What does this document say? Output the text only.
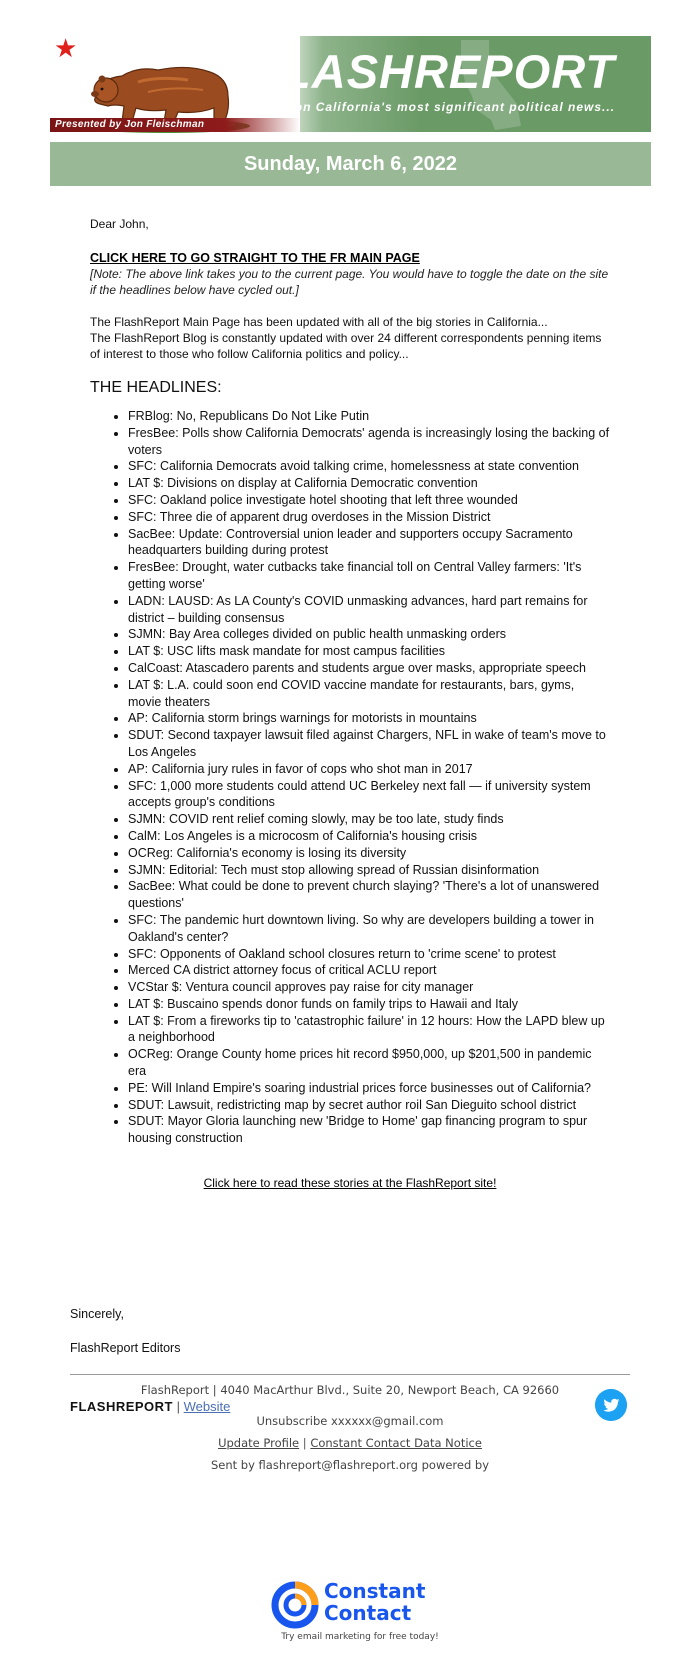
★
Presented by Jon Fleischman
FLASHREPORT
...on California's most significant political news...
Sunday, March 6, 2022

Dear John,

CLICK HERE TO GO STRAIGHT TO THE FR MAIN PAGE

[Note: The above link takes you to the current page. You would have to toggle the date on the site if the headlines below have cycled out.]

The FlashReport Main Page has been updated with all of the big stories in California...
The FlashReport Blog is constantly updated with over 24 different correspondents penning items of interest to those who follow California politics and policy...

THE HEADLINES:
• FRBlog: No, Republicans Do Not Like Putin
• FresBee: Polls show California Democrats' agenda is increasingly losing the backing of voters
• SFC: California Democrats avoid talking crime, homelessness at state convention
• LAT $: Divisions on display at California Democratic convention
• SFC: Oakland police investigate hotel shooting that left three wounded
• SFC: Three die of apparent drug overdoses in the Mission District
• SacBee: Update: Controversial union leader and supporters occupy Sacramento headquarters building during protest
• FresBee: Drought, water cutbacks take financial toll on Central Valley farmers: 'It's getting worse'
• LADN: LAUSD: As LA County's COVID unmasking advances, hard part remains for district – building consensus
• SJMN: Bay Area colleges divided on public health unmasking orders
• LAT $: USC lifts mask mandate for most campus facilities
• CalCoast: Atascadero parents and students argue over masks, appropriate speech
• LAT $: L.A. could soon end COVID vaccine mandate for restaurants, bars, gyms, movie theaters
• AP: California storm brings warnings for motorists in mountains
• SDUT: Second taxpayer lawsuit filed against Chargers, NFL in wake of team's move to Los Angeles
• AP: California jury rules in favor of cops who shot man in 2017
• SFC: 1,000 more students could attend UC Berkeley next fall — if university system accepts group's conditions
• SJMN: COVID rent relief coming slowly, may be too late, study finds
• CalM: Los Angeles is a microcosm of California's housing crisis
• OCReg: California's economy is losing its diversity
• SJMN: Editorial: Tech must stop allowing spread of Russian disinformation
• SacBee: What could be done to prevent church slaying? 'There's a lot of unanswered questions'
• SFC: The pandemic hurt downtown living. So why are developers building a tower in Oakland's center?
• SFC: Opponents of Oakland school closures return to 'crime scene' to protest
• Merced CA district attorney focus of critical ACLU report
• VCStar $: Ventura council approves pay raise for city manager
• LAT $: Buscaino spends donor funds on family trips to Hawaii and Italy
• LAT $: From a fireworks tip to 'catastrophic failure' in 12 hours: How the LAPD blew up a neighborhood
• OCReg: Orange County home prices hit record $950,000, up $201,500 in pandemic era
• PE: Will Inland Empire's soaring industrial prices force businesses out of California?
• SDUT: Lawsuit, redistricting map by secret author roil San Dieguito school district
• SDUT: Mayor Gloria launching new 'Bridge to Home' gap financing program to spur housing construction
Click here to read these stories at the FlashReport site!

Sincerely,

FlashReport Editors

FLASHREPORT | Website
FlashReport | 4040 MacArthur Blvd., Suite 20, Newport Beach, CA 92660
Unsubscribe xxxxxx@gmail.com
Update Profile | Constant Contact Data Notice
Sent by flashreport@flashreport.org powered by
Constant
Contact
Try email marketing for free today!
